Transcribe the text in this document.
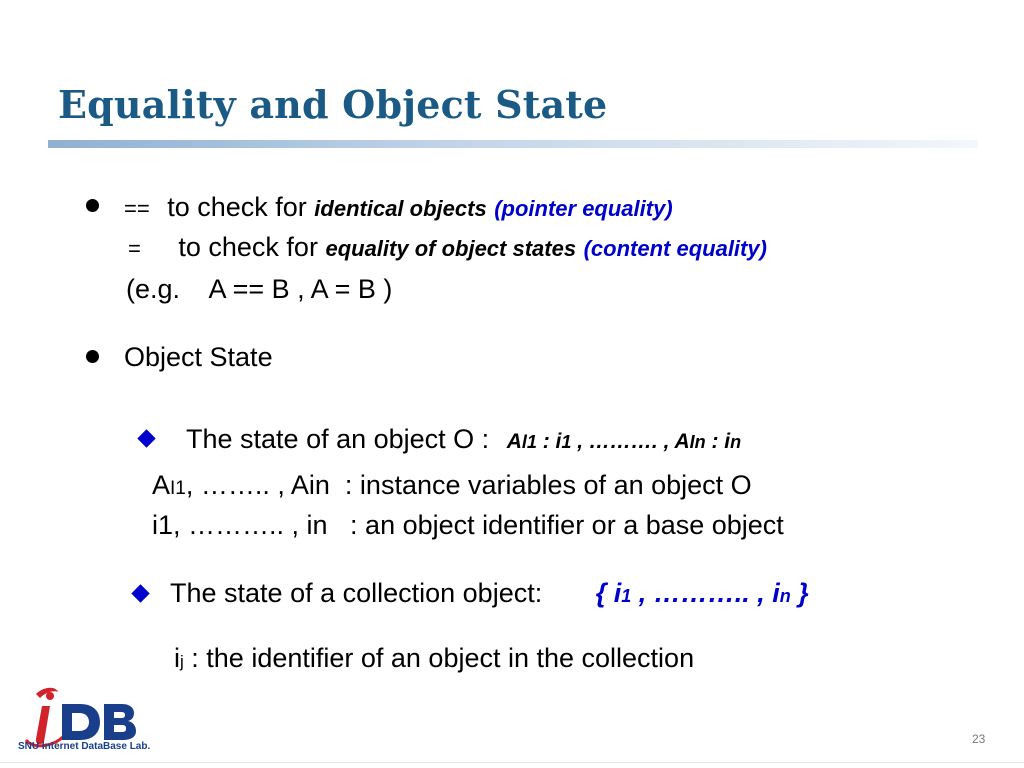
Equality and Object State
== to check for identical objects (pointer equality)
= to check for equality of object states (content equality)
(e.g.    A == B , A = B )
Object State
The state of an object O : Al1 : i1 , ………. , AIn : in
AI1, …….. , Ain  : instance variables of an object O
i1, ……….. , in   : an object identifier or a base object
The state of a collection object: { i1 , ……….. , in }
ij : the identifier of an object in the collection
SNU Internet DataBase Lab.
23
